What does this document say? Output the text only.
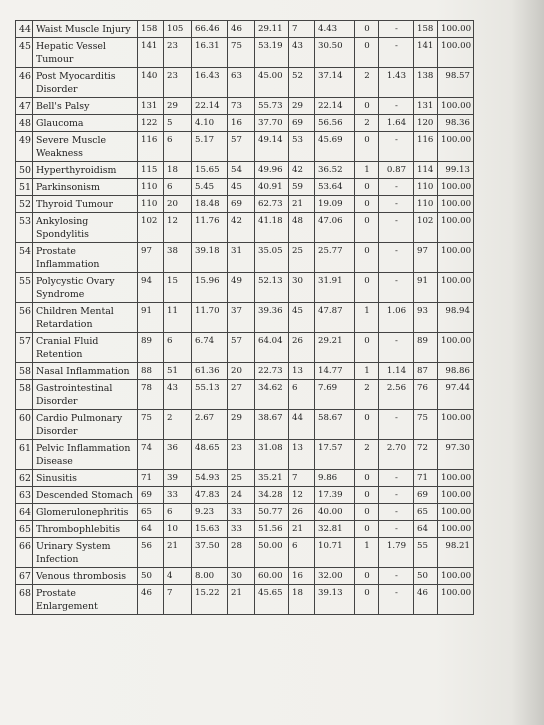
44	Waist Muscle Injury	158	105	66.46	46	29.11	7	4.43	0	-	158	100.00
45	Hepatic Vessel Tumour	141	23	16.31	75	53.19	43	30.50	0	-	141	100.00
46	Post Myocarditis Disorder	140	23	16.43	63	45.00	52	37.14	2	1.43	138	98.57
47	Bell's Palsy	131	29	22.14	73	55.73	29	22.14	0	-	131	100.00
48	Glaucoma	122	5	4.10	16	37.70	69	56.56	2	1.64	120	98.36
49	Severe Muscle Weakness	116	6	5.17	57	49.14	53	45.69	0	-	116	100.00
50	Hyperthyroidism	115	18	15.65	54	49.96	42	36.52	1	0.87	114	99.13
51	Parkinsonism	110	6	5.45	45	40.91	59	53.64	0	-	110	100.00
52	Thyroid Tumour	110	20	18.48	69	62.73	21	19.09	0	-	110	100.00
53	Ankylosing Spondylitis	102	12	11.76	42	41.18	48	47.06	0	-	102	100.00
54	Prostate Inflammation	97	38	39.18	31	35.05	25	25.77	0	-	97	100.00
55	Polycystic Ovary Syndrome	94	15	15.96	49	52.13	30	31.91	0	-	91	100.00
56	Children Mental Retardation	91	11	11.70	37	39.36	45	47.87	1	1.06	93	98.94
57	Cranial Fluid Retention	89	6	6.74	57	64.04	26	29.21	0	-	89	100.00
58	Nasal Inflammation	88	51	61.36	20	22.73	13	14.77	1	1.14	87	98.86
58	Gastrointestinal Disorder	78	43	55.13	27	34.62	6	7.69	2	2.56	76	97.44
60	Cardio Pulmonary Disorder	75	2	2.67	29	38.67	44	58.67	0	-	75	100.00
61	Pelvic Inflammation Disease	74	36	48.65	23	31.08	13	17.57	2	2.70	72	97.30
62	Sinusitis	71	39	54.93	25	35.21	7	9.86	0	-	71	100.00
63	Descended Stomach	69	33	47.83	24	34.28	12	17.39	0	-	69	100.00
64	Glomerulonephritis	65	6	9.23	33	50.77	26	40.00	0	-	65	100.00
65	Thrombophlebitis	64	10	15.63	33	51.56	21	32.81	0	-	64	100.00
66	Urinary System Infection	56	21	37.50	28	50.00	6	10.71	1	1.79	55	98.21
67	Venous thrombosis	50	4	8.00	30	60.00	16	32.00	0	-	50	100.00
68	Prostate Enlargement	46	7	15.22	21	45.65	18	39.13	0	-	46	100.00
